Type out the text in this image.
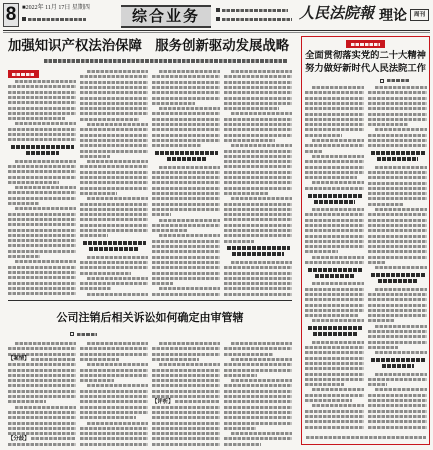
8 ■2022年 11月 17日 星期四	综合业务	人民法院報 理论	周刊
加强知识产权法治保障　服务创新驱动发展战略
公司注销后相关诉讼如何确定由审管辖
全面贯彻落实党的二十大精神
努力做好新时代人民法院工作
【案情】
【分歧】
【评析】
